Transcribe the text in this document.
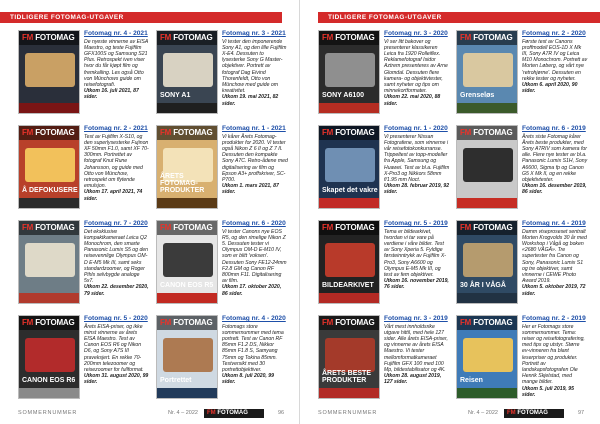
TIDLIGERE FOTOMAG-UTGAVER
FM FOTOMAG Fotomag nr. 4 - 2021
De nyeste vinnerne av EISA Maestro, og teste Fujifilm GFX100S og Samsung S21 Plus. Retrospekt iven viser hvor du får kjøpt film og fremkalling. Les også Otto von Münchows guide om reisefotografi.
Utkom 16. juli 2021, 87 sider.
FM FOTOMAG
SONY A1
Fotomag nr. 3 - 2021
Vi tester den imponerende Sony A1, og den lille Fujifilm X-E4. Dessuten to lysesterke Sony G Master-objektiver. Portrett av fotograf Dag Eivind Thorenfeldt, Otto von Münchow med guide om kreativitet.
Utkom 19. mai 2021, 82 sider.
FM FOTOMAG
Å DEFOKUSERE
Fotomag nr. 2 - 2021
Test av Fujifilm X-S10, og den superlysesterke Fujinon XF 50mm F1.0, samt XF 70-300mm. Portrettet av fotograf Knut Rune Johansson, og guide med Otto von Münchow, retrospekt om flytende emulsjon.
Utkom 17. april 2021, 74 sider.
FM FOTOMAG
ÅRETS FOTOMAG-PRODUKTER
Fotomag nr. 1 - 2021
Vi kårer Årets Fotomag-produkter for 2020. Vi tester også Nikon Z 6 II og Z 7 II. Dessuten den kompakte Sony A7C. Retro-ådene med digitalisering av film og Epson A3+ proffskriver, SC-P700.
Utkom 1. mars 2021, 87 sider.
FM FOTOMAG Fotomag nr. 7 - 2020
Det eksklusive kompaktkameraet Leica Q2 Monochrom, den smarte Panasonic Lumix S5 og den reisevennlige Olympus OM-D E-M5 Mk III, samt seks standardzoomer, og Roger Pihls selvbygde analoge 5x7.
Utkom 22. desember 2020, 79 sider.
FM FOTOMAG
CANON EOS R5
Fotomag nr. 6 - 2020
Vi tester Canons nye EOS R5, og den rimelige Nikon Z 5. Dessuten tester vi Olympus OM-D E-M10 IV, som er blitt 'voksen'. Dessuten Sony FE12-24mm F2.8 GM og Canon RF 800mm F11. Digitalisering av film.
Utkom 17. oktober 2020, 86 sider.
FM FOTOMAG
CANON EOS R6
Fotomag nr. 5 - 2020
Årets EISA-priser, og ikke minst vinnerne av årets EISA Maestro. Test av Canon EOS R6 og Nikon D6, og Sony A7S III praveksjert. En rekke 70-200mm telezoomer og reisezoomer for fullformat.
Utkom 31. august 2020, 99 sider.
FM FOTOMAG
Portrettet
Fotomag nr. 4 - 2020
Fotomags store sommernummer med tema portrett. Test av Canon RF 85mm F1.2 DS, Nikkor 85mm F1.8 S, Samyang 75mm og Tokina 85mm. Testversikt med 30 portrettobjektiver.
Utkom 8. juli 2020, 99 sider.
SOMMERNUMMER	Nr. 4 – 2022	FM FOTOMAG	96
TIDLIGERE FOTOMAG-UTGAVER
FM FOTOMAG
SONY A6100
Fotomag nr. 3 - 2020
Vi ser litt bakover og presenterer klassikeren Leica fra 1920 Rolleiflex. Reklamefotograf Isidor Aztrem presenteres av Arne Glomdal. Dessuten flere kamera- og objektivtester, samt nyheter og tips om minnekortformater.
Utkom 22. mai 2020, 88 sider.
FM FOTOMAG
Grenseløs
Fotomag nr. 2 - 2020
Første test av Canons proffmodell EOS-1D X Mk III, Sony A7R IV og Leica M10 Monochrom. Portrett av Morten Løberg, og vårt nye 'retrohjørne'. Dessuten en rekke tester og nyheter.
Utkom 6. april 2020, 90 sider.
FM FOTOMAG
Skapet det vakre
Fotomag nr. 1 - 2020
Vi presenterer Nissan Fotografene, som vinnerne i vår reisefotokonkurranse. Trippeltest av topp-modeller fra Apple, Samsung og Huawei. Test av bl.a. Fujifilm X-Pro3 og Nikkors 58mm f/1.95 mm Noct.
Utkom 28. februar 2019, 92 sider.
FM FOTOMAG Fotomag nr. 6 - 2019
Årets siste Fotomag kårer Årets beste produkter, med Sony A7RIV som kamera for alle. Flere nye tester av bl.a. Panasonic Lumix S1H, Sony A6600, Sigma fp og Canon G5 X Mk II, og en rekke objektivtester.
Utkom 16. desember 2019, 86 sider.
FM FOTOMAG
BILDEARKIVET
Fotomag nr. 5 - 2019
Tema er bildearkivet, hvordan vi tar vare på verdiene i våre bilder. Test av Sony Xperia 5. Fyldige førsteinntrykk av Fujifilm X-Pro3, Sony A6600 og Olympus E-M5 Mk III, og test av fem objektiver.
Utkom 16. november 2019, 76 sider.
FM FOTOMAG
30 ÅR I VÅGÅ
Fotomag nr. 4 - 2019
Damm viseproseset sentralt Morten Krogvolds 30 år med Workshop i Vågå og boken «2680 VÅGÅ». Tre supertester fra Canon og Sony, Panasonic Lumix S1 og tre objektiver, samt vinnerne i CEWE Photo Award 2019.
Utkom 5. oktober 2019, 72 sider.
FM FOTOMAG
ÅRETS BESTE PRODUKTER
Fotomag nr. 3 - 2019
Vårt mest innholdsrike utgave hittil, med hele 127 sider. Alle årets EISA-priser, og vinnerne av årets EISA Maestro. Vi tester mellomformatkameraet Fujifilm GFX 100 med 100 Mp, bildestabilisator og 4K.
Utkom 28. august 2019, 127 sider.
FM FOTOMAG
Reisen
Fotomag nr. 2 - 2019
Her er Fotomags store sommernummer. Tema: reiser og reisefotografering, med tips og utstyr. Større ev-vinneren fra blant leserpriser og produkter. Portrett av landskapsfotografen Ole Henrik Skjelstad, med mange bilder.
Utkom 5. juli 2019, 95 sider.
SOMMERNUMMER	Nr. 4 – 2022	FM FOTOMAG	97
